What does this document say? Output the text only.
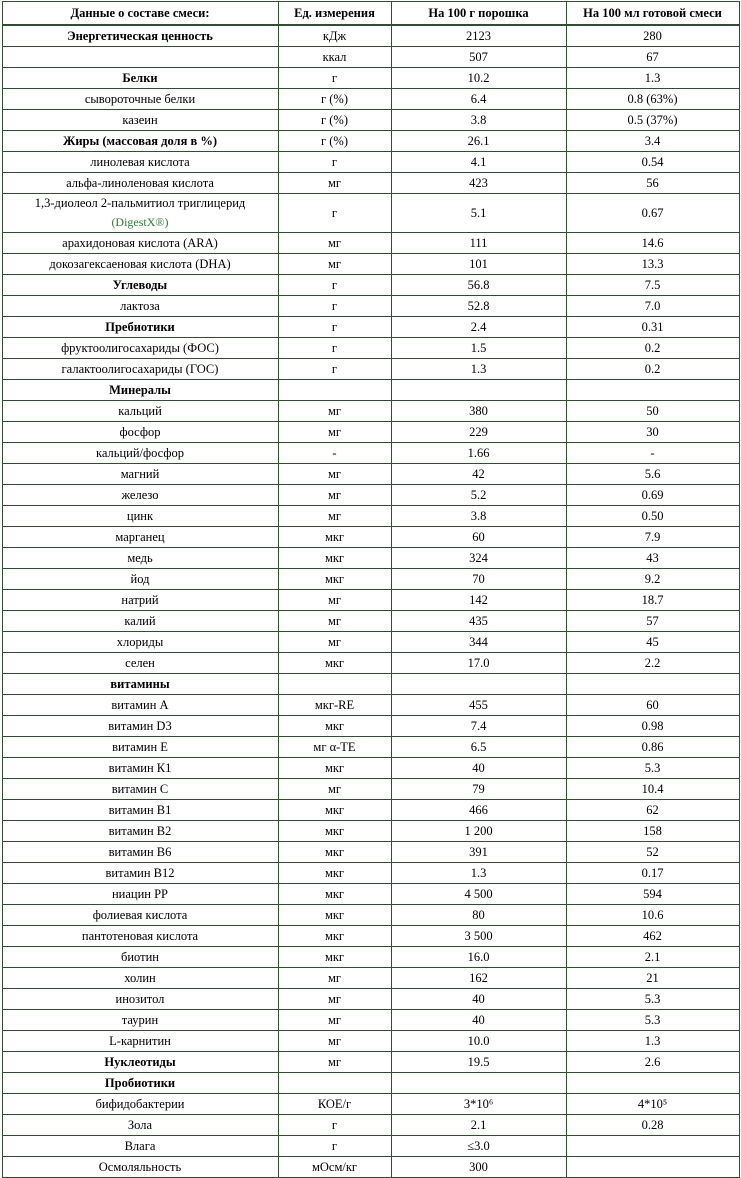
Данные о составе смеси:	Ед. измерения	На 100 г порошка	На 100 мл готовой смеси
Энергетическая ценность	кДж	2123	280
	ккал	507	67
Белки	г	10.2	1.3
сывороточные белки	г (%)	6.4	0.8 (63%)
казеин	г (%)	3.8	0.5 (37%)
Жиры (массовая доля в %)	г (%)	26.1	3.4
линолевая кислота	г	4.1	0.54
альфа-линоленовая кислота	мг	423	56
1,3-диолеол 2-пальмитиол триглицерид
(DigestX®)	г	5.1	0.67
арахидоновая кислота (ARA)	мг	111	14.6
докозагексаеновая кислота (DHA)	мг	101	13.3
Углеводы	г	56.8	7.5
лактоза	г	52.8	7.0
Пребиотики	г	2.4	0.31
фруктоолигосахариды (ФОС)	г	1.5	0.2
галактоолигосахариды (ГОС)	г	1.3	0.2
Минералы			
кальций	мг	380	50
фосфор	мг	229	30
кальций/фосфор	-	1.66	-
магний	мг	42	5.6
железо	мг	5.2	0.69
цинк	мг	3.8	0.50
марганец	мкг	60	7.9
медь	мкг	324	43
йод	мкг	70	9.2
натрий	мг	142	18.7
калий	мг	435	57
хлориды	мг	344	45
селен	мкг	17.0	2.2
витамины			
витамин А	мкг-RE	455	60
витамин D3	мкг	7.4	0.98
витамин Е	мг α-ТЕ	6.5	0.86
витамин К1	мкг	40	5.3
витамин С	мг	79	10.4
витамин В1	мкг	466	62
витамин В2	мкг	1 200	158
витамин В6	мкг	391	52
витамин В12	мкг	1.3	0.17
ниацин РР	мкг	4 500	594
фолиевая кислота	мкг	80	10.6
пантотеновая кислота	мкг	3 500	462
биотин	мкг	16.0	2.1
холин	мг	162	21
инозитол	мг	40	5.3
таурин	мг	40	5.3
L-карнитин	мг	10.0	1.3
Нуклеотиды	мг	19.5	2.6
Пробиотики			
бифидобактерии	КОЕ/г	3*10⁶	4*10⁵
Зола	г	2.1	0.28
Влага	г	≤3.0	
Осмоляльность	мОсм/кг	300	
